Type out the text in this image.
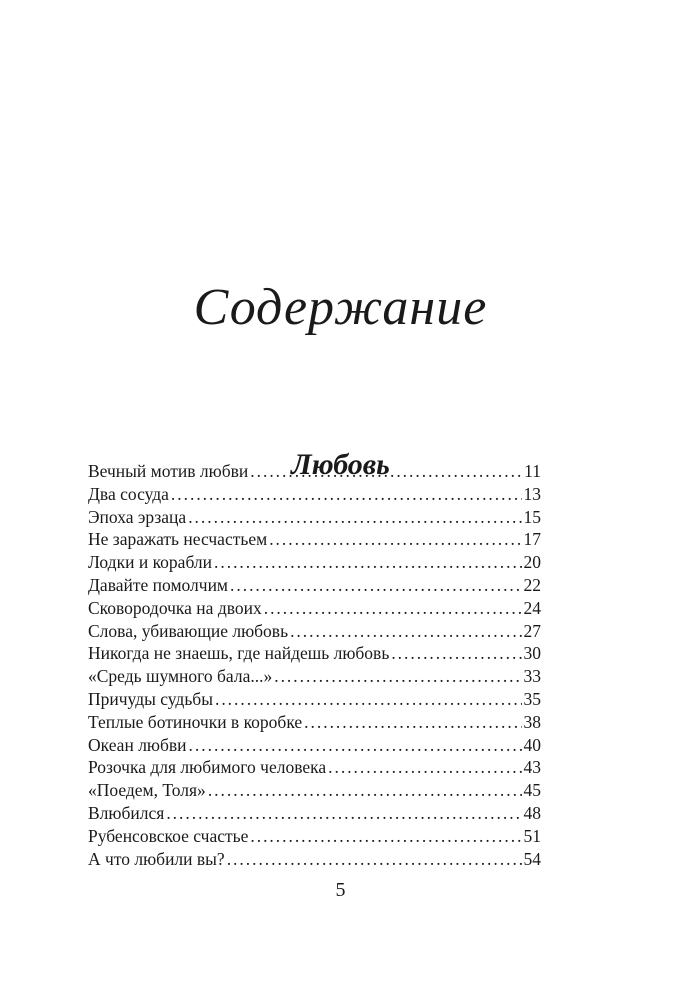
Содержание
Любовь
Вечный мотив любви . . .	11
Два сосуда . . .	13
Эпоха эрзаца . . .	15
Не заражать несчастьем . . .	17
Лодки и корабли . . .	20
Давайте помолчим . . .	22
Сковородочка на двоих . . .	24
Слова, убивающие любовь . . .	27
Никогда не знаешь, где найдешь любовь . . .	30
«Средь шумного бала...» . . .	33
Причуды судьбы . . .	35
Теплые ботиночки в коробке . . .	38
Океан любви . . .	40
Розочка для любимого человека . . .	43
«Поедем, Толя» . . .	45
Влюбился . . .	48
Рубенсовское счастье . . .	51
А что любили вы? . . .	54
5
